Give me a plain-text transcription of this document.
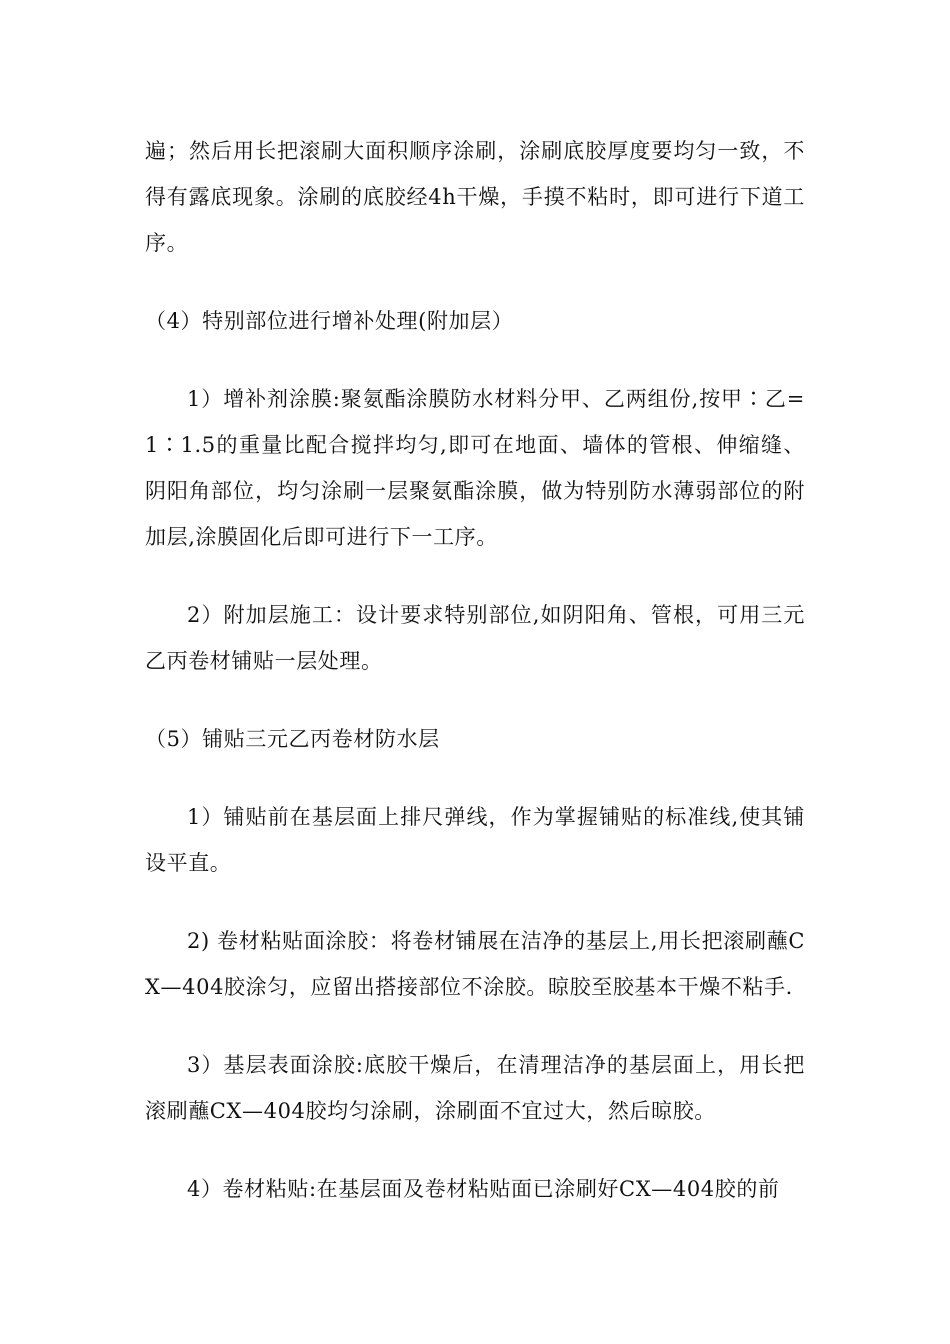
遍；然后用长把滚刷大面积顺序涂刷，涂刷底胶厚度要均匀一致，不得有露底现象。涂刷的底胶经4h干燥，手摸不粘时，即可进行下道工序。

（4）特别部位进行增补处理(附加层）

1）增补剂涂膜:聚氨酯涂膜防水材料分甲、乙两组份,按甲∶乙=1∶1.5的重量比配合搅拌均匀,即可在地面、墙体的管根、伸缩缝、阴阳角部位，均匀涂刷一层聚氨酯涂膜，做为特别防水薄弱部位的附加层,涂膜固化后即可进行下一工序。

2）附加层施工：设计要求特别部位,如阴阳角、管根，可用三元乙丙卷材铺贴一层处理。

（5）铺贴三元乙丙卷材防水层

1）铺贴前在基层面上排尺弹线，作为掌握铺贴的标准线,使其铺设平直。

2) 卷材粘贴面涂胶：将卷材铺展在洁净的基层上,用长把滚刷蘸CX—404胶涂匀，应留出搭接部位不涂胶。晾胶至胶基本干燥不粘手.

3）基层表面涂胶:底胶干燥后，在清理洁净的基层面上，用长把滚刷蘸CX—404胶均匀涂刷，涂刷面不宜过大，然后晾胶。

4）卷材粘贴:在基层面及卷材粘贴面已涂刷好CX—404胶的前
